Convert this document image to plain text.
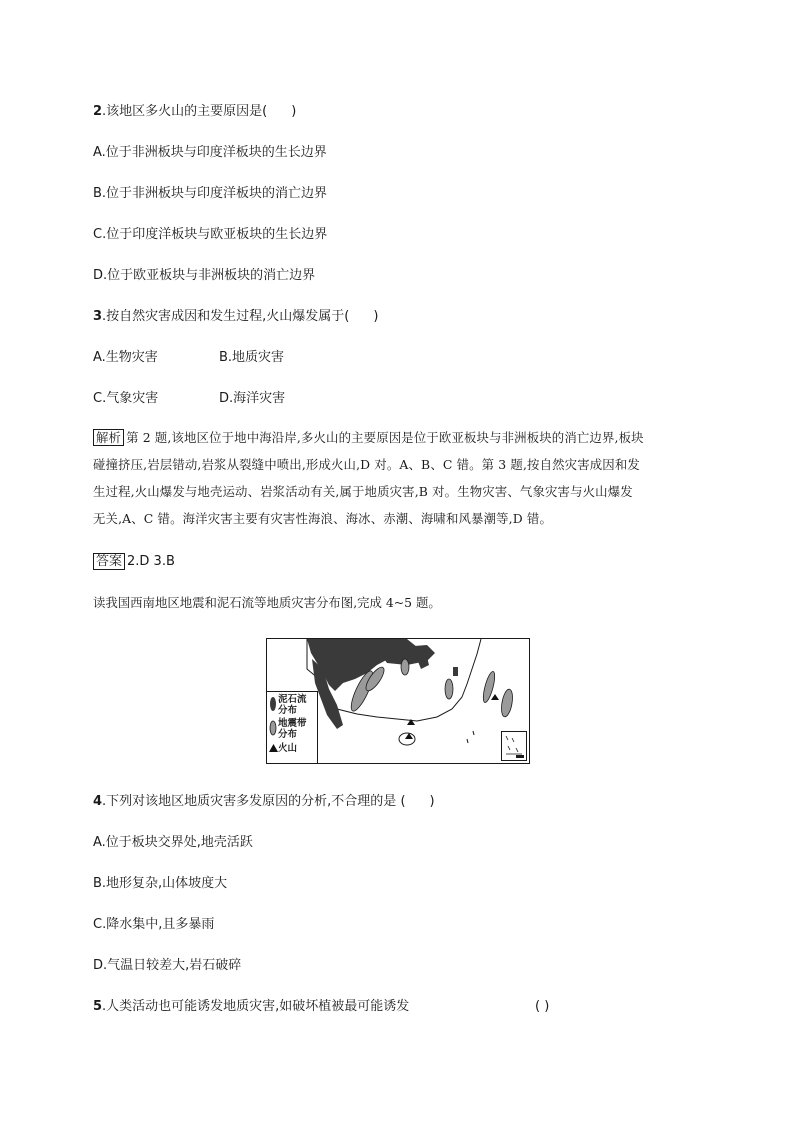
2.该地区多火山的主要原因是( )
A.位于非洲板块与印度洋板块的生长边界
B.位于非洲板块与印度洋板块的消亡边界
C.位于印度洋板块与欧亚板块的生长边界
D.位于欧亚板块与非洲板块的消亡边界
3.按自然灾害成因和发生过程,火山爆发属于( )
A.生物灾害	B.地质灾害
C.气象灾害	D.海洋灾害
解析 第 2 题,该地区位于地中海沿岸,多火山的主要原因是位于欧亚板块与非洲板块的消亡边界,板块
碰撞挤压,岩层错动,岩浆从裂缝中喷出,形成火山,D 对。A、B、C 错。第 3 题,按自然灾害成因和发
生过程,火山爆发与地壳运动、岩浆活动有关,属于地质灾害,B 对。生物灾害、气象灾害与火山爆发
无关,A、C 错。海洋灾害主要有灾害性海浪、海冰、赤潮、海啸和风暴潮等,D 错。
答案 2.D 3.B
读我国西南地区地震和泥石流等地质灾害分布图,完成 4~5 题。
泥石流
分布
地震带
分布
火山
4.下列对该地区地质灾害多发原因的分析,不合理的是 ( )
A.位于板块交界处,地壳活跃
B.地形复杂,山体坡度大
C.降水集中,且多暴雨
D.气温日较差大,岩石破碎
5.人类活动也可能诱发地质灾害,如破坏植被最可能诱发	( )
